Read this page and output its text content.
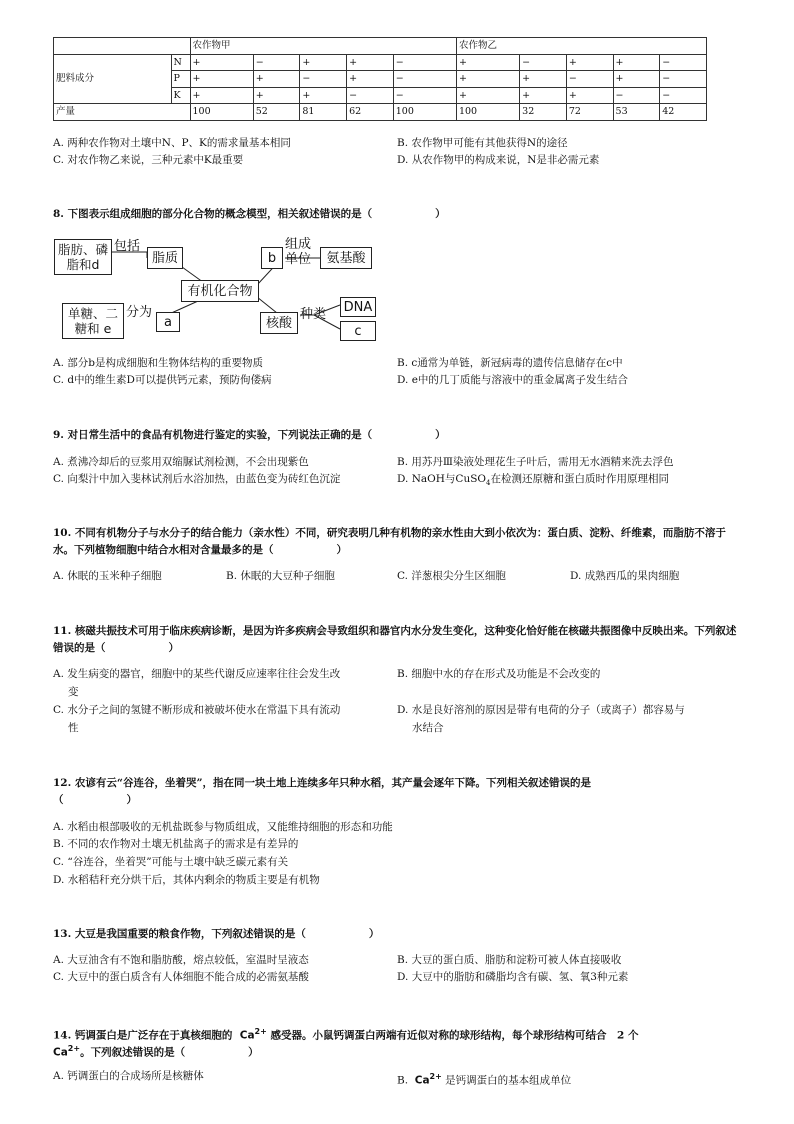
		农作物甲					农作物乙				
肥料成分	N	+	−	+	+	−	+	−	+	+	−
	P	+	+	−	+	−	+	+	−	+	−
	K	+	+	+	−	−	+	+	+	−	−
产量		100	52	81	62	100	100	32	72	53	42
A. 两种农作物对土壤中N、P、K的需求量基本相同	B. 农作物甲可能有其他获得N的途径
C. 对农作物乙来说，三种元素中K最重要	D. 从农作物甲的构成来说，N是非必需元素
8. 下图表示组成细胞的部分化合物的概念模型，相关叙述错误的是（　　　　　　）
脂肪、磷脂和d
包括
脂质	b
组成单位	氨基酸
有机化合物
单糖、二糖和 e
分为
a	核酸
种类 DNA
c
A. 部分b是构成细胞和生物体结构的重要物质	B. c通常为单链，新冠病毒的遗传信息储存在c中
C. d中的维生素D可以提供钙元素，预防佝偻病	D. e中的几丁质能与溶液中的重金属离子发生结合
9. 对日常生活中的食品有机物进行鉴定的实验，下列说法正确的是（　　　　　　）
A. 煮沸冷却后的豆浆用双缩脲试剂检测，不会出现紫色	B. 用苏丹Ⅲ染液处理花生子叶后，需用无水酒精来洗去浮色
C. 向梨汁中加入斐林试剂后水浴加热，由蓝色变为砖红色沉淀	D. NaOH与CuSO$_4$在检测还原糖和蛋白质时作用原理相同
10. 不同有机物分子与水分子的结合能力（亲水性）不同，研究表明几种有机物的亲水性由大到小依次为：蛋白质、淀粉、纤维素，而脂肪不溶于水。下列植物细胞中结合水相对含量最多的是（　　　　　　）
A. 休眠的玉米种子细胞	B. 休眠的大豆种子细胞	C. 洋葱根尖分生区细胞	D. 成熟西瓜的果肉细胞
11. 核磁共振技术可用于临床疾病诊断，是因为许多疾病会导致组织和器官内水分发生变化，这种变化恰好能在核磁共振图像中反映出来。下列叙述错误的是（　　　　　　）
A. 发生病变的器官，细胞中的某些代谢反应速率往往会发生改
变
B. 细胞中水的存在形式及功能是不会改变的
C. 水分子之间的氢键不断形成和被破坏使水在常温下具有流动
性
D. 水是良好溶剂的原因是带有电荷的分子（或离子）都容易与
水结合
12. 农谚有云“谷连谷，坐着哭”，指在同一块土地上连续多年只种水稻，其产量会逐年下降。下列相关叙述错误的是
（　　　　　　）
A. 水稻由根部吸收的无机盐既参与物质组成，又能维持细胞的形态和功能
B. 不同的农作物对土壤无机盐离子的需求是有差异的
C. “谷连谷，坐着哭”可能与土壤中缺乏碳元素有关
D. 水稻秸秆充分烘干后，其体内剩余的物质主要是有机物
13. 大豆是我国重要的粮食作物，下列叙述错误的是（　　　　　　）
A. 大豆油含有不饱和脂肪酸，熔点较低，室温时呈液态	B. 大豆的蛋白质、脂肪和淀粉可被人体直接吸收
C. 大豆中的蛋白质含有人体细胞不能合成的必需氨基酸	D. 大豆中的脂肪和磷脂均含有碳、氢、氧3种元素
14. 钙调蛋白是广泛存在于真核细胞的 $Ca^{2+}$ 感受器。小鼠钙调蛋白两端有近似对称的球形结构，每个球形结构可结合　2 个
$Ca^{2+}$。下列叙述错误的是（　　　　　　）
A. 钙调蛋白的合成场所是核糖体	B. $Ca^{2+}$ 是钙调蛋白的基本组成单位
